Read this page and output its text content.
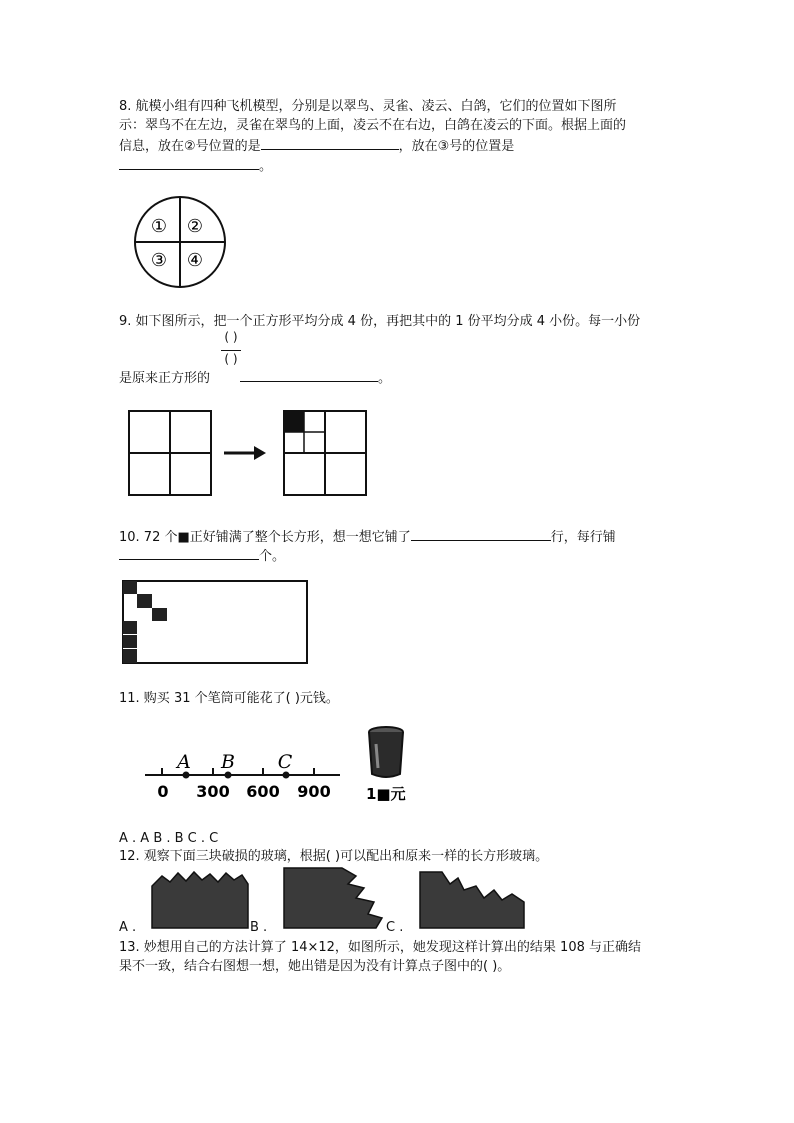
8. 航模小组有四种飞机模型，分别是以翠鸟、灵雀、凌云、白鸽，它们的位置如下图所
示：翠鸟不在左边，灵雀在翠鸟的上面，凌云不在右边，白鸽在凌云的下面。根据上面的
信息，放在②号位置的是	，放在③号的位置是
。
① ②
③ ④
9. 如下图所示，把一个正方形平均分成 4 份，再把其中的 1 份平均分成 4 小份。每一小份
( )
( )
是原来正方形的	。
10. 72 个■正好铺满了整个长方形，想一想它铺了	行，每行铺
个。
11. 购买 31 个笔筒可能花了( )元钱。
A B C
0 300 600 900 1■元
A . A B . B C . C
12. 观察下面三块破损的玻璃，根据( )可以配出和原来一样的长方形玻璃。
A .	B .	C .
13. 妙想用自己的方法计算了 14×12，如图所示，她发现这样计算出的结果 108 与正确结
果不一致，结合右图想一想，她出错是因为没有计算点子图中的( )。
